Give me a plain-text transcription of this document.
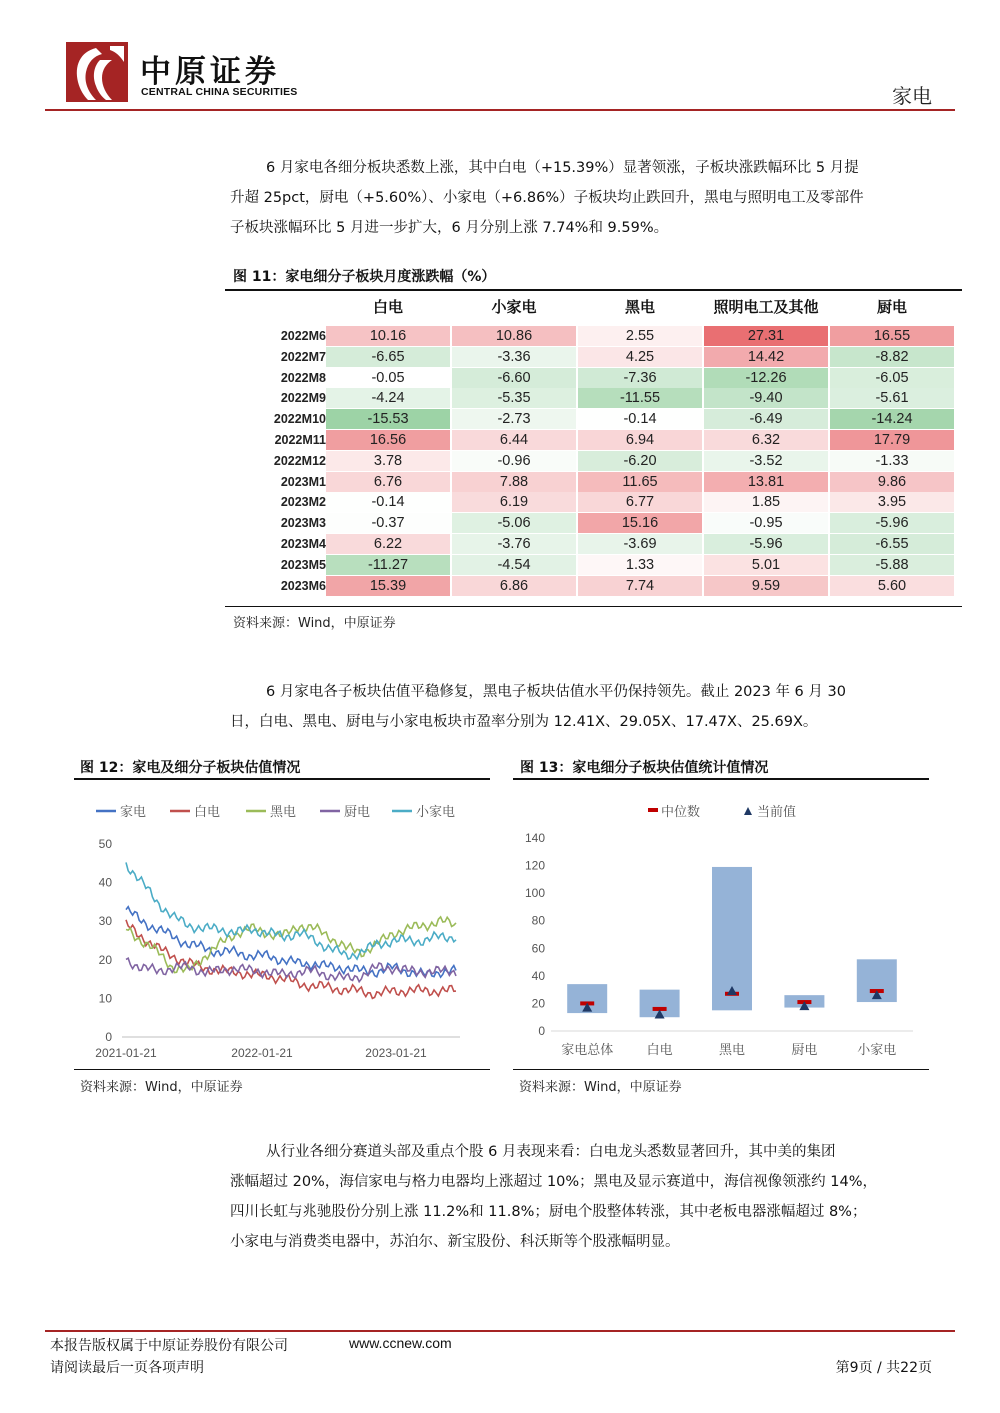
中原证券
CENTRAL CHINA SECURITIES	家电
6 月家电各细分板块悉数上涨，其中白电（+15.39%）显著领涨，子板块涨跌幅环比 5 月提
升超 25pct，厨电（+5.60%）、小家电（+6.86%）子板块均止跌回升，黑电与照明电工及零部件
子板块涨幅环比 5 月进一步扩大，6 月分别上涨 7.74%和 9.59%。
图 11：家电细分子板块月度涨跌幅（%）
白电	小家电	黑电	照明电工及其他	厨电
2022M6	10.16	10.86	2.55	27.31	16.55
2022M7	-6.65	-3.36	4.25	14.42	-8.82
2022M8	-0.05	-6.60	-7.36	-12.26	-6.05
2022M9	-4.24	-5.35	-11.55	-9.40	-5.61
2022M10	-15.53	-2.73	-0.14	-6.49	-14.24
2022M11	16.56	6.44	6.94	6.32	17.79
2022M12	3.78	-0.96	-6.20	-3.52	-1.33
2023M1	6.76	7.88	11.65	13.81	9.86
2023M2	-0.14	6.19	6.77	1.85	3.95
2023M3	-0.37	-5.06	15.16	-0.95	-5.96
2023M4	6.22	-3.76	-3.69	-5.96	-6.55
2023M5	-11.27	-4.54	1.33	5.01	-5.88
2023M6	15.39	6.86	7.74	9.59	5.60
资料来源：Wind，中原证券
6 月家电各子板块估值平稳修复，黑电子板块估值水平仍保持领先。截止 2023 年 6 月 30
日，白电、黑电、厨电与小家电板块市盈率分别为 12.41X、29.05X、17.47X、25.69X。
图 12：家电及细分子板块估值情况
家电	白电	黑电	厨电	小家电
0
10
20
30
40
50
2021-01-21	2022-01-21	2023-01-21
资料来源：Wind，中原证券
图 13：家电细分子板块估值统计值情况
中位数	当前值
0
20
40
60
80
100
120
140
家电总体	白电	黑电	厨电	小家电
资料来源：Wind，中原证券
从行业各细分赛道头部及重点个股 6 月表现来看：白电龙头悉数显著回升，其中美的集团
涨幅超过 20%，海信家电与格力电器均上涨超过 10%；黑电及显示赛道中，海信视像领涨约 14%，
四川长虹与兆驰股份分别上涨 11.2%和 11.8%；厨电个股整体转涨，其中老板电器涨幅超过 8%；
小家电与消费类电器中，苏泊尔、新宝股份、科沃斯等个股涨幅明显。
本报告版权属于中原证券股份有限公司	www.ccnew.com
请阅读最后一页各项声明	第9页 / 共22页
